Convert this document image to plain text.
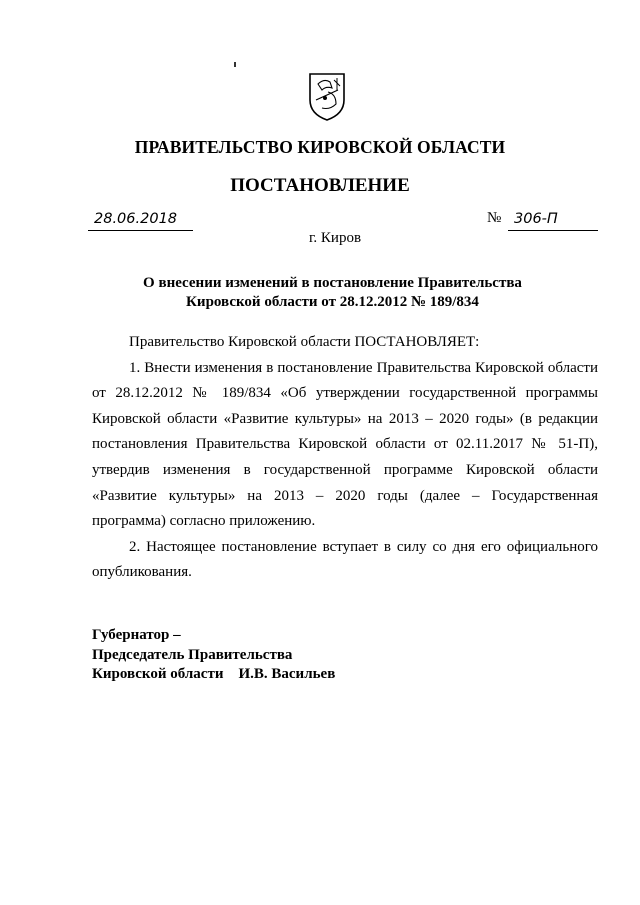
ПРАВИТЕЛЬСТВО КИРОВСКОЙ ОБЛАСТИ
ПОСТАНОВЛЕНИЕ
28.06.2018	№ 306-П
г. Киров
О внесении изменений в постановление Правительства Кировской области от 28.12.2012 № 189/834

Правительство Кировской области ПОСТАНОВЛЯЕТ:

1. Внести изменения в постановление Правительства Кировской области от 28.12.2012 № 189/834 «Об утверждении государственной программы Кировской области «Развитие культуры» на 2013 – 2020 годы» (в редакции постановления Правительства Кировской области от 02.11.2017 № 51-П), утвердив изменения в государственной программе Кировской области «Развитие культуры» на 2013 – 2020 годы (далее – Государственная программа) согласно приложению.

2. Настоящее постановление вступает в силу со дня его официального опубликования.

Губернатор –
Председатель Правительства
Кировской области    И.В. Васильев
